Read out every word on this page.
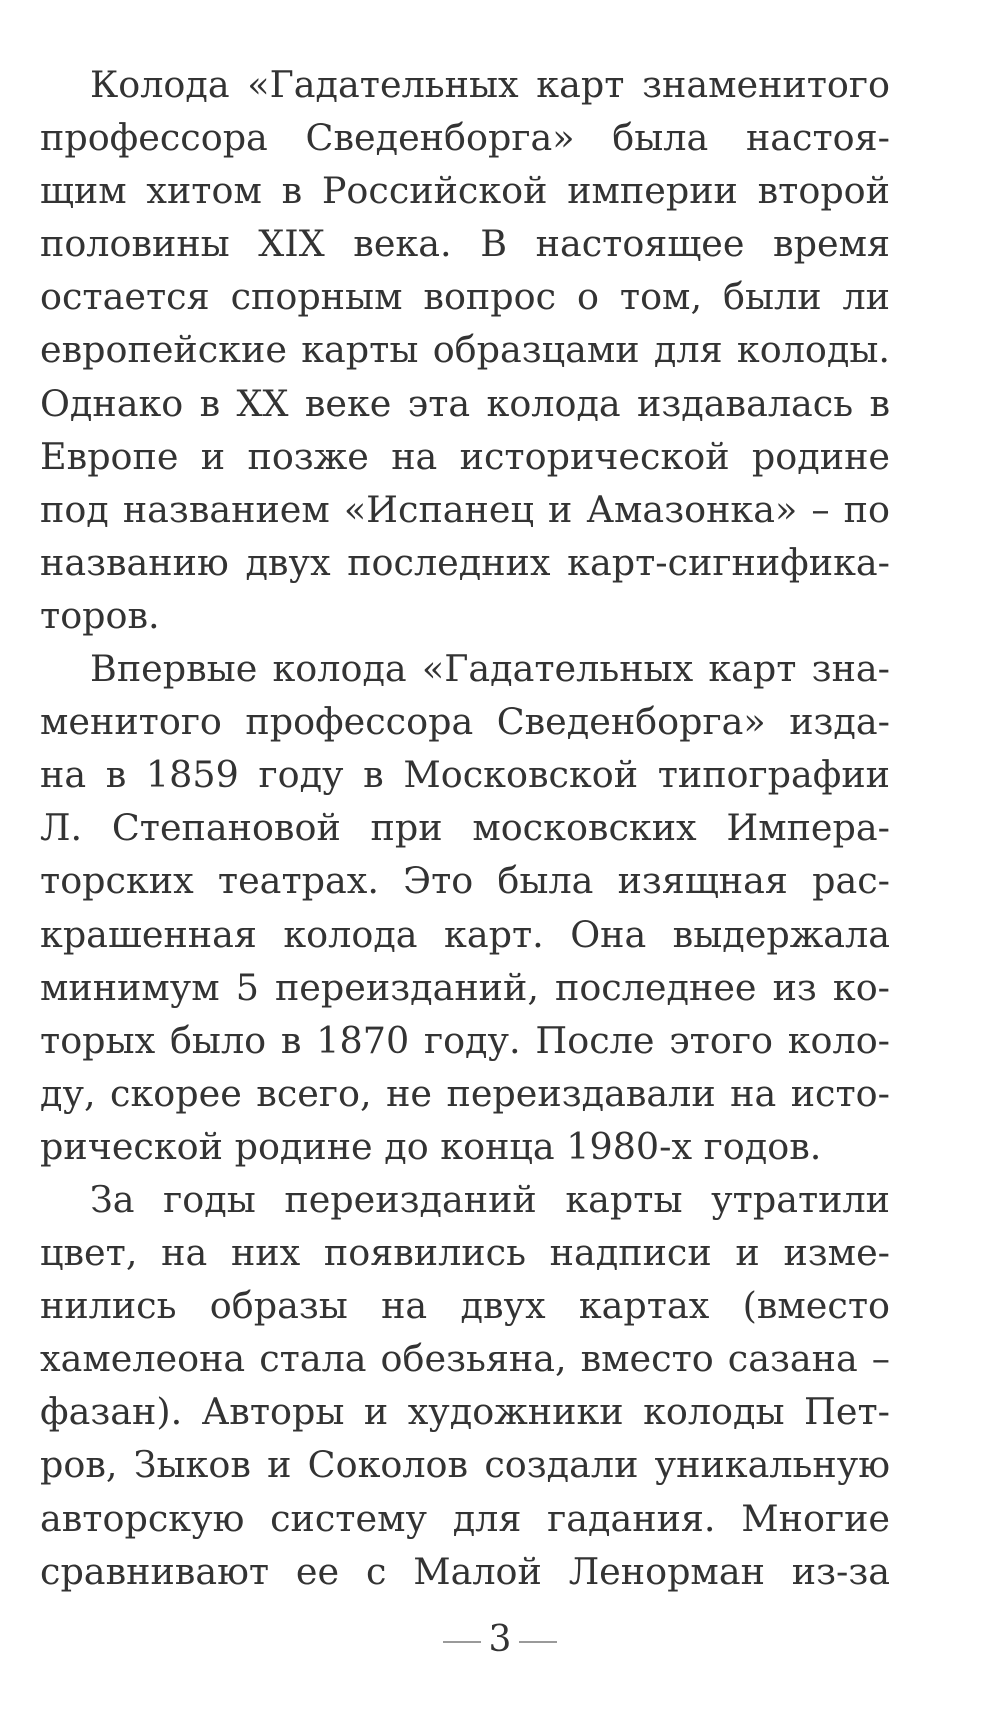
Колода «Гадательных карт знаменитого
профессора Сведенборга» была настоя-
щим хитом в Российской империи второй
половины XIX века. В настоящее время
остается спорным вопрос о том, были ли
европейские карты образцами для колоды.
Однако в XX веке эта колода издавалась в
Европе и позже на исторической родине
под названием «Испанец и Амазонка» – по
названию двух последних карт-сигнифика-
торов.
Впервые колода «Гадательных карт зна-
менитого профессора Сведенборга» изда-
на в 1859 году в Московской типографии
Л. Степановой при московских Импера-
торских театрах. Это была изящная рас-
крашенная колода карт. Она выдержала
минимум 5 переизданий, последнее из ко-
торых было в 1870 году. После этого коло-
ду, скорее всего, не переиздавали на исто-
рической родине до конца 1980-х годов.
За годы переизданий карты утратили
цвет, на них появились надписи и изме-
нились образы на двух картах (вместо
хамелеона стала обезьяна, вместо сазана –
фазан). Авторы и художники колоды Пет-
ров, Зыков и Соколов создали уникальную
авторскую систему для гадания. Многие
сравнивают ее с Малой Ленорман из-за
3
